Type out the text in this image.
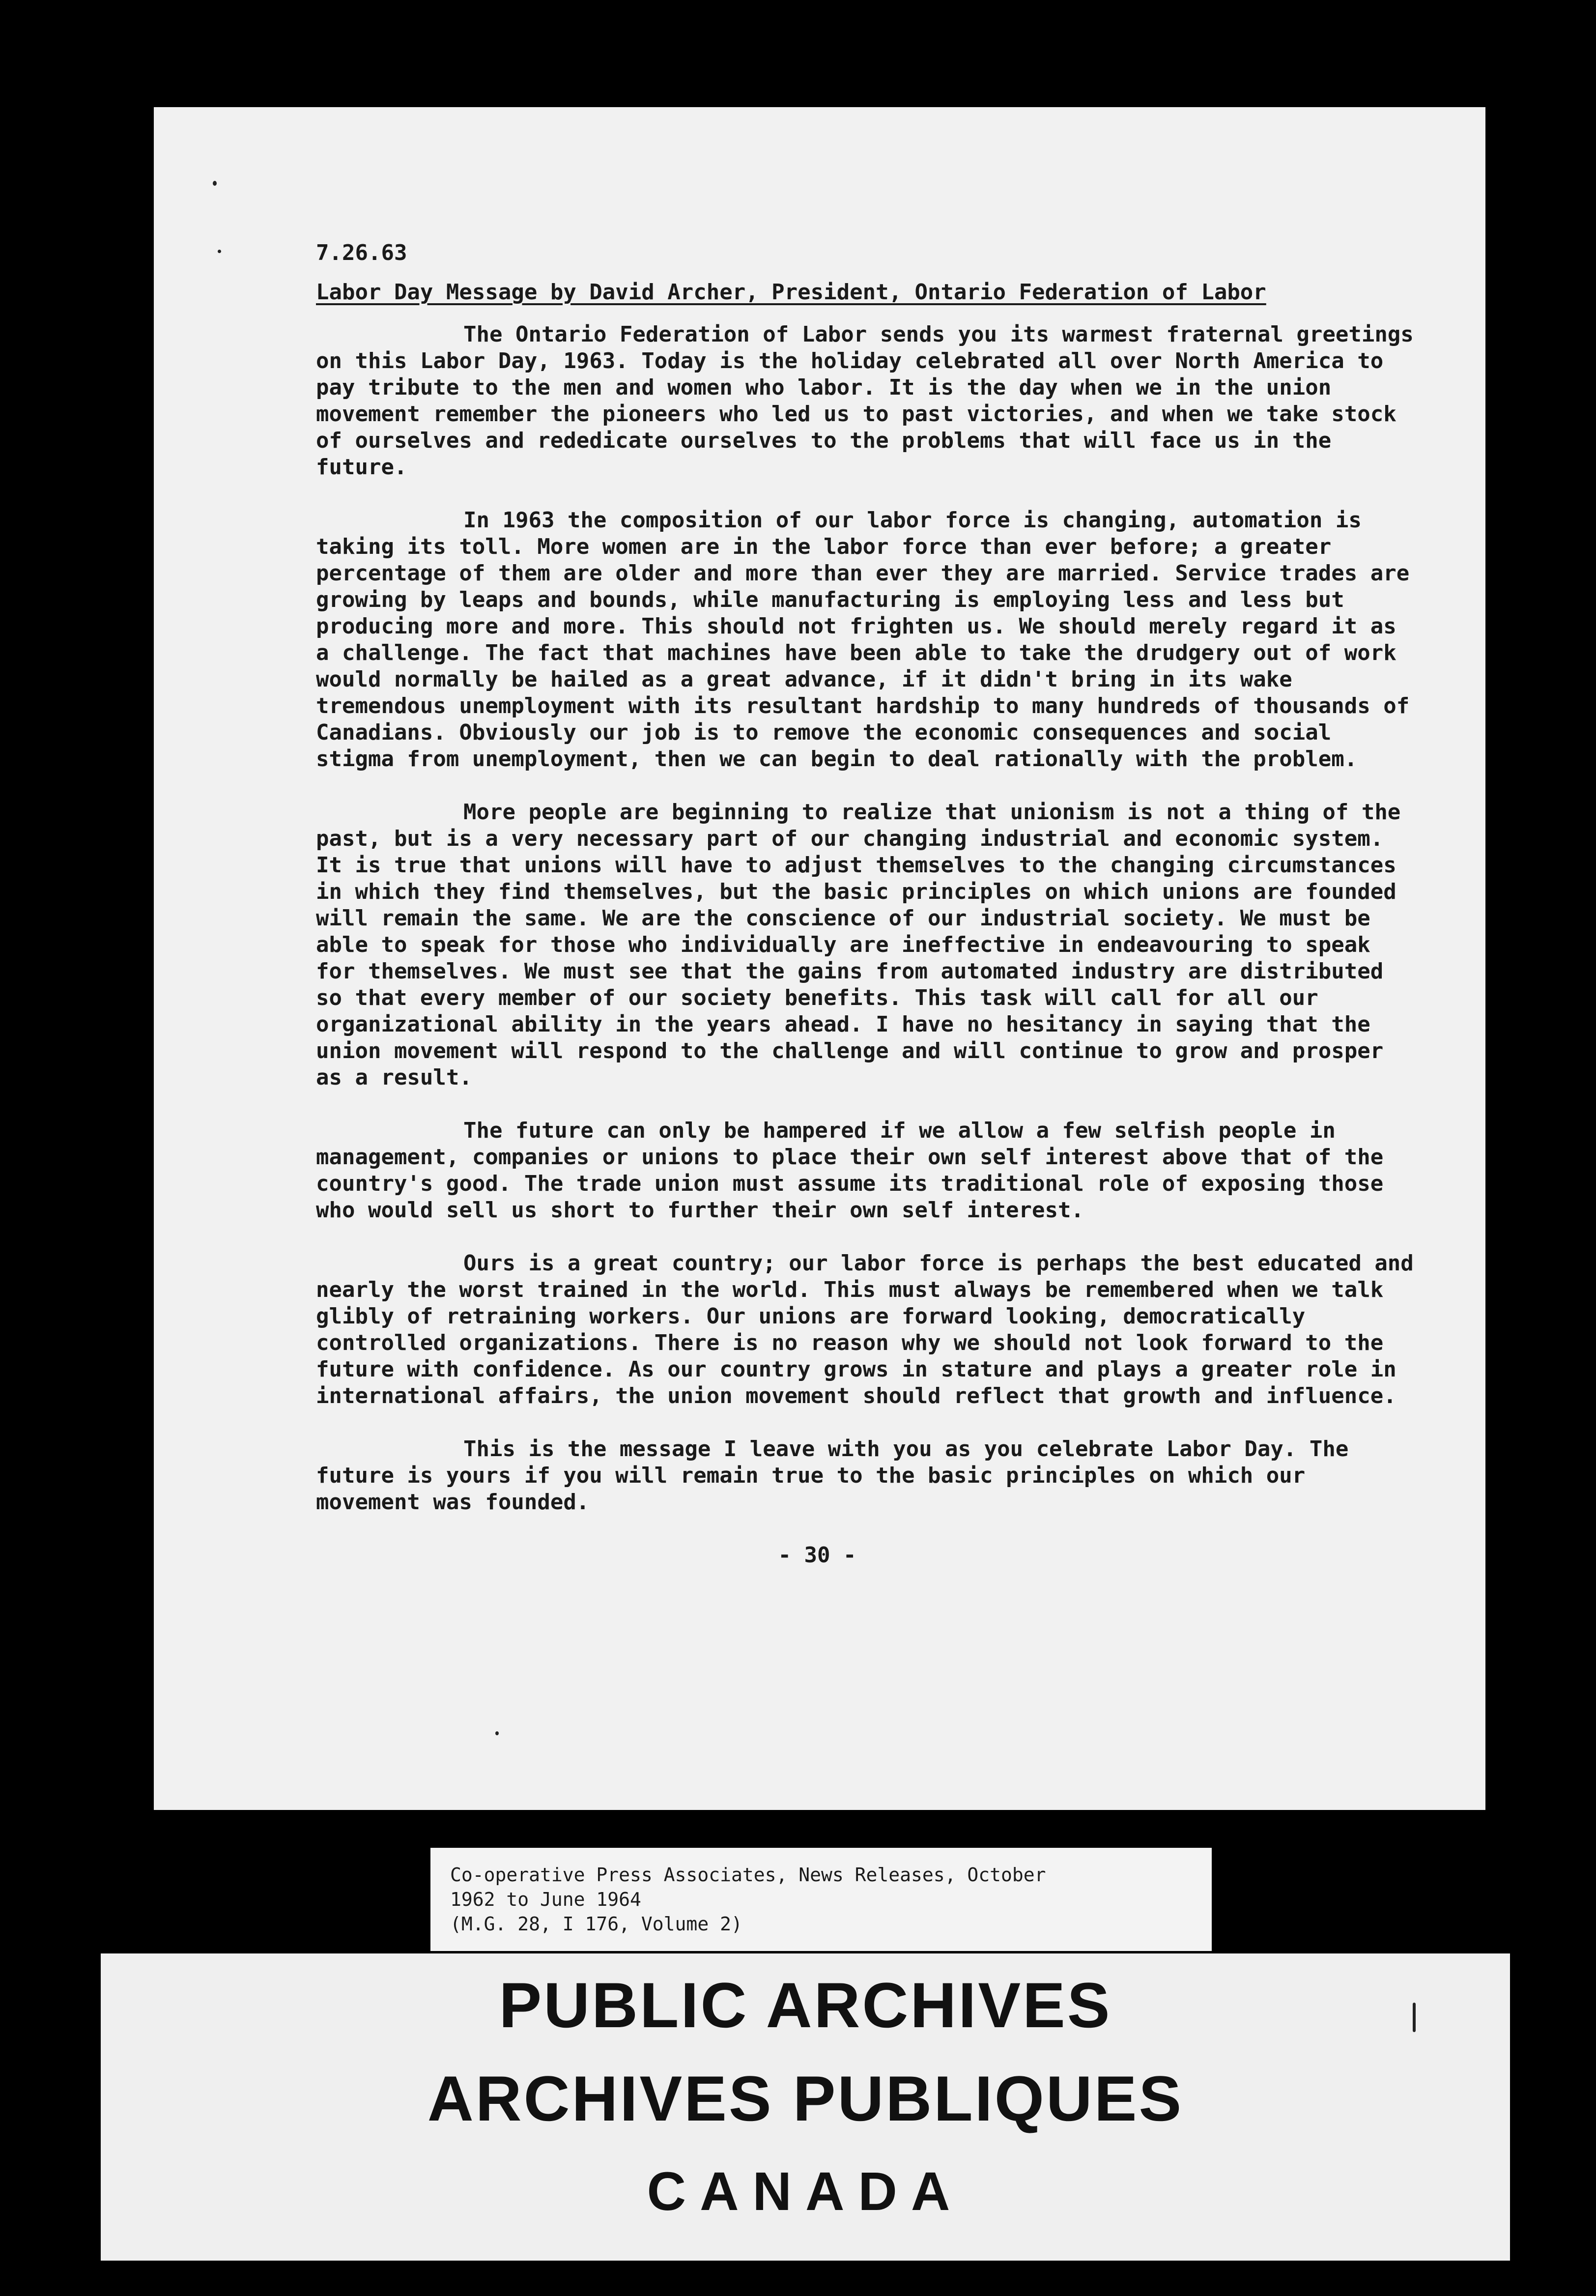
7.26.63
Labor Day Message by David Archer, President, Ontario Federation of Labor

The Ontario Federation of Labor sends you its warmest fraternal greetings on this Labor Day, 1963. Today is the holiday celebrated all over North America to pay tribute to the men and women who labor. It is the day when we in the union movement remember the pioneers who led us to past victories, and when we take stock of ourselves and rededicate ourselves to the problems that will face us in the future.

In 1963 the composition of our labor force is changing, automation is taking its toll. More women are in the labor force than ever before; a greater percentage of them are older and more than ever they are married. Service trades are growing by leaps and bounds, while manufacturing is employing less and less but producing more and more. This should not frighten us. We should merely regard it as a challenge. The fact that machines have been able to take the drudgery out of work would normally be hailed as a great advance, if it didn't bring in its wake tremendous unemployment with its resultant hardship to many hundreds of thousands of Canadians. Obviously our job is to remove the economic consequences and social stigma from unemployment, then we can begin to deal rationally with the problem.

More people are beginning to realize that unionism is not a thing of the past, but is a very necessary part of our changing industrial and economic system. It is true that unions will have to adjust themselves to the changing circumstances in which they find themselves, but the basic principles on which unions are founded will remain the same. We are the conscience of our industrial society. We must be able to speak for those who individually are ineffective in endeavouring to speak for themselves. We must see that the gains from automated industry are distributed so that every member of our society benefits. This task will call for all our organizational ability in the years ahead. I have no hesitancy in saying that the union movement will respond to the challenge and will continue to grow and prosper as a result.

The future can only be hampered if we allow a few selfish people in management, companies or unions to place their own self interest above that of the country's good. The trade union must assume its traditional role of exposing those who would sell us short to further their own self interest.

Ours is a great country; our labor force is perhaps the best educated and nearly the worst trained in the world. This must always be remembered when we talk glibly of retraining workers. Our unions are forward looking, democratically controlled organizations. There is no reason why we should not look forward to the future with confidence. As our country grows in stature and plays a greater role in international affairs, the union movement should reflect that growth and influence.

This is the message I leave with you as you celebrate Labor Day. The future is yours if you will remain true to the basic principles on which our movement was founded.

- 30 -
Co-operative Press Associates, News Releases, October
1962 to June 1964
(M.G. 28, I 176, Volume 2)
PUBLIC ARCHIVES
ARCHIVES PUBLIQUES
CANADA
